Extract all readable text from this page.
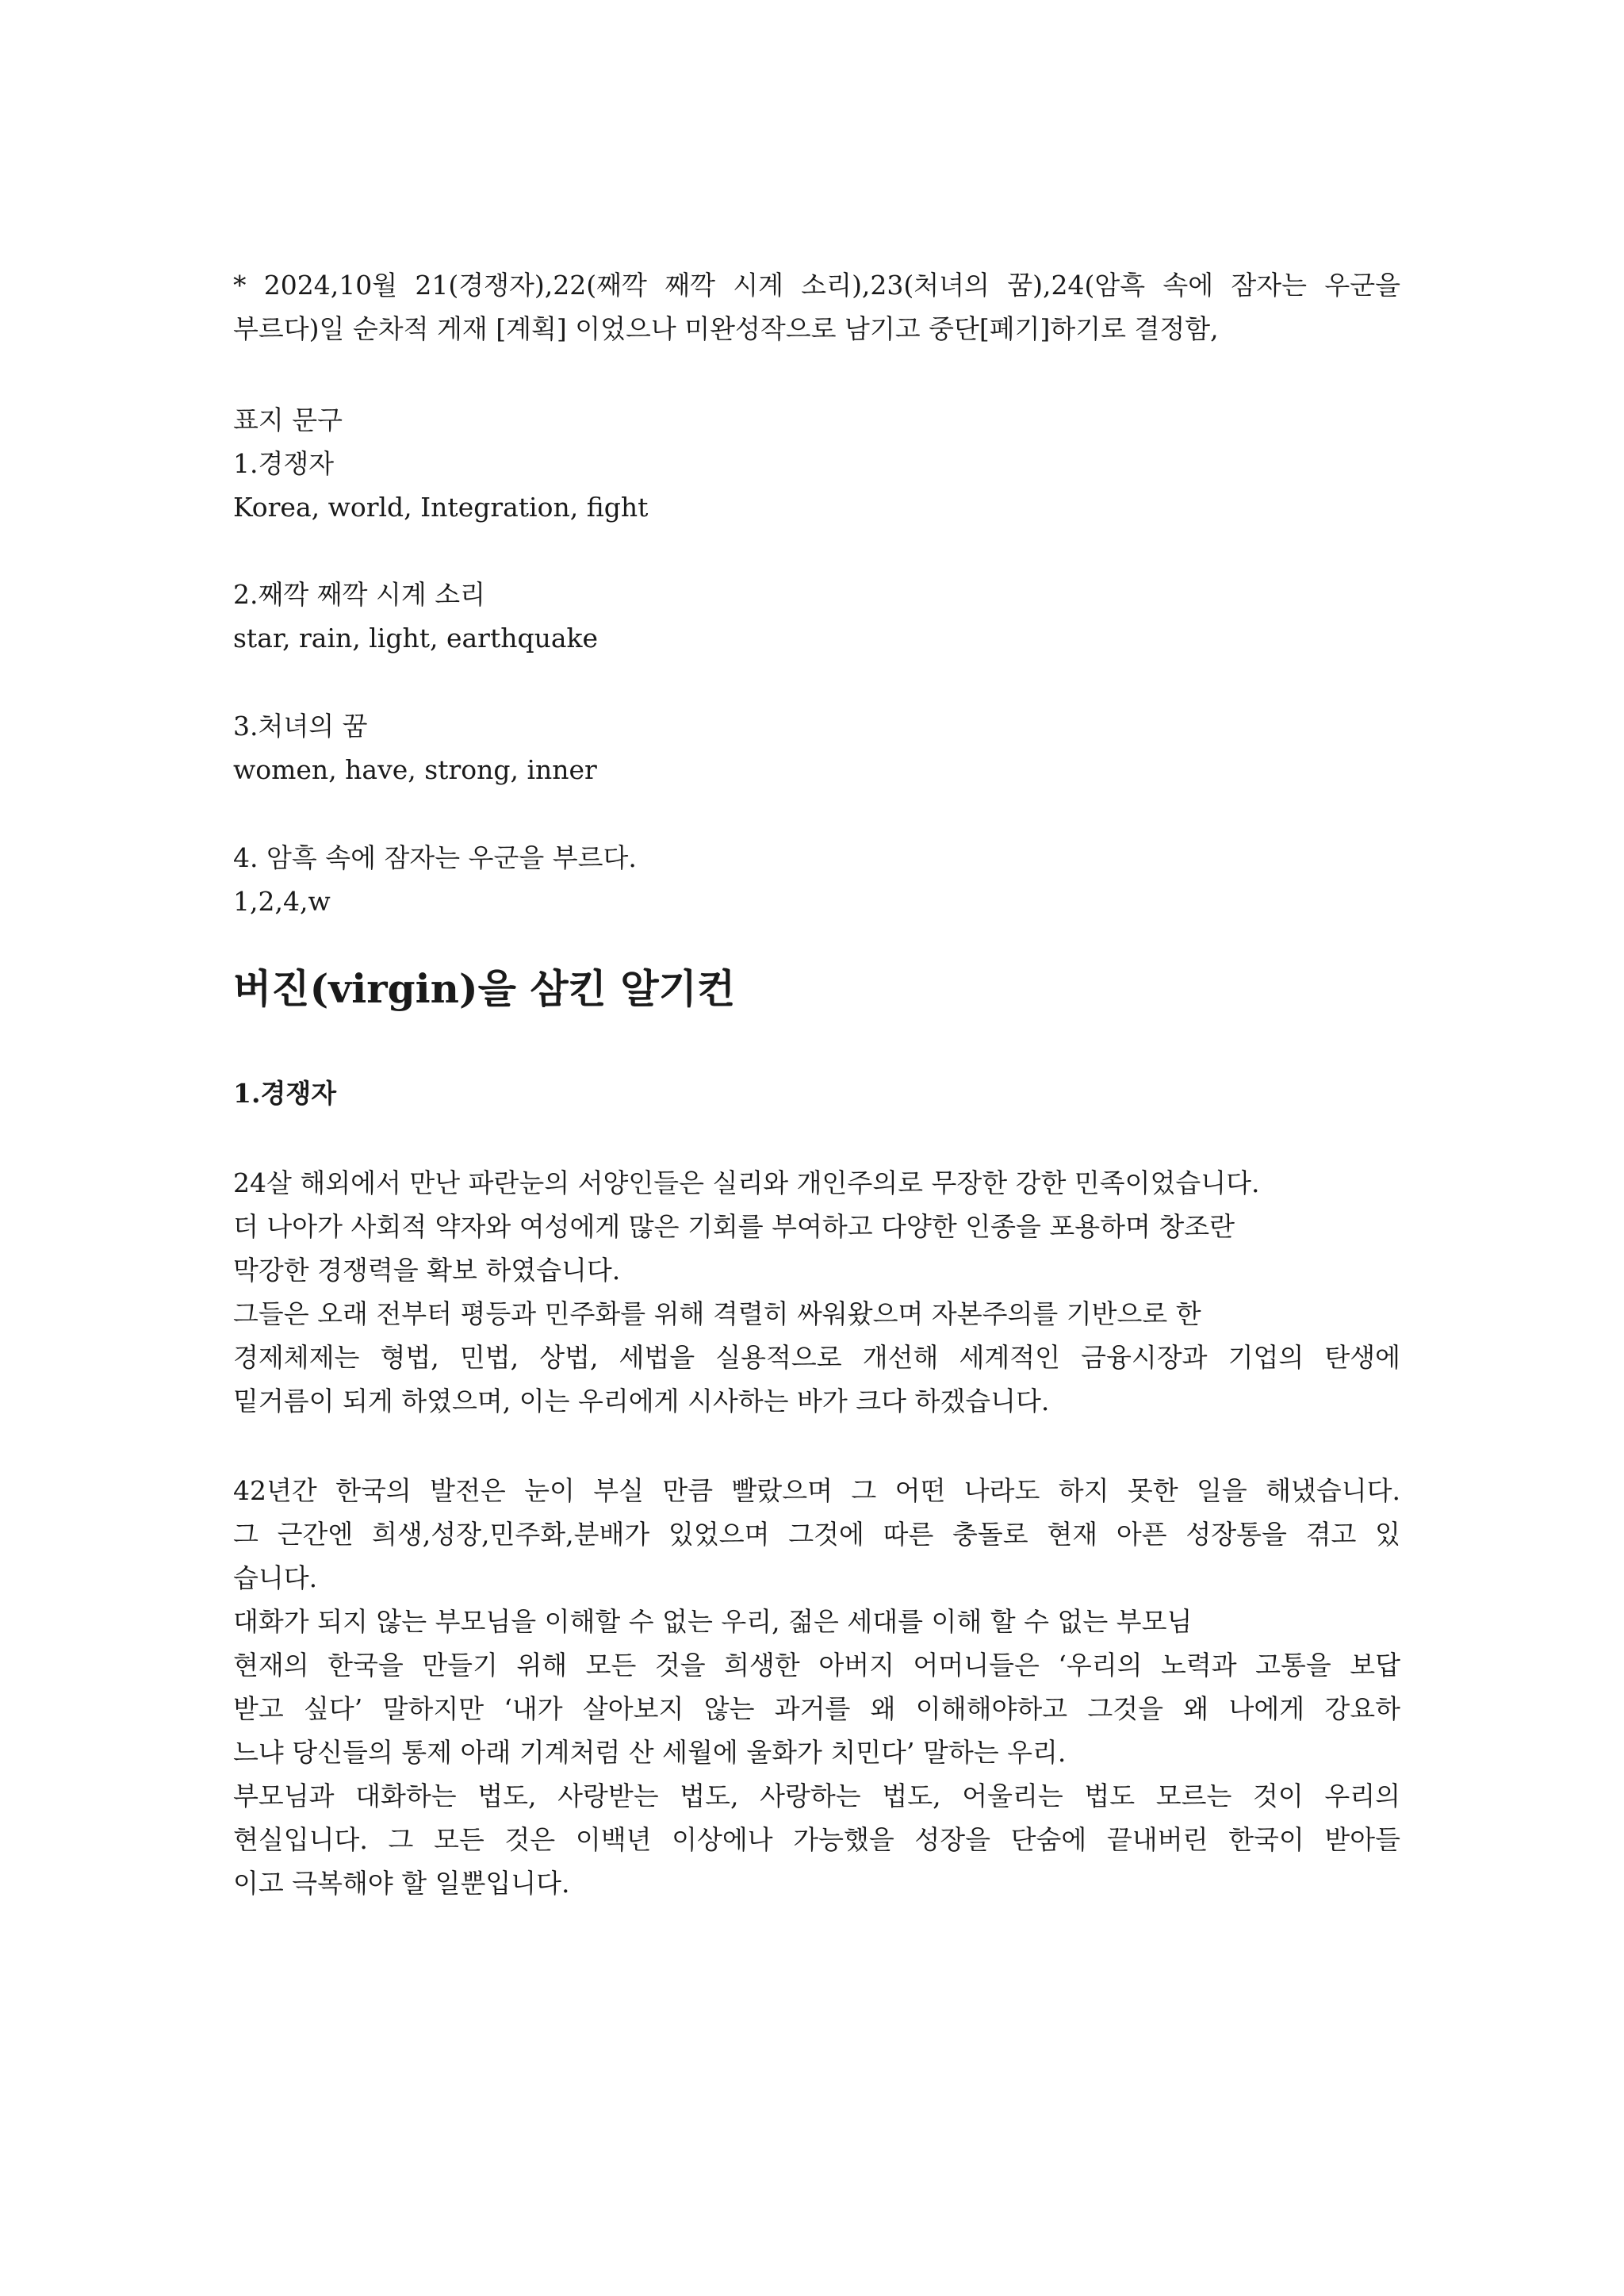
* 2024,10월 21(경쟁자),22(째깍 째깍 시계 소리),23(처녀의 꿈),24(암흑 속에 잠자는 우군을
부르다)일 순차적 게재 [계획] 이었으나 미완성작으로 남기고 중단[폐기]하기로 결정함,
표지 문구
1.경쟁자
Korea, world, Integration, fight
2.째깍 째깍 시계 소리
star, rain, light, earthquake
3.처녀의 꿈
women, have, strong, inner
4. 암흑 속에 잠자는 우군을 부르다.
1,2,4,w
버진(virgin)을 삼킨 알기컨
1.경쟁자
24살 해외에서 만난 파란눈의 서양인들은 실리와 개인주의로 무장한 강한 민족이었습니다.
더 나아가 사회적 약자와 여성에게 많은 기회를 부여하고 다양한 인종을 포용하며 창조란
막강한 경쟁력을 확보 하였습니다.
그들은 오래 전부터 평등과 민주화를 위해 격렬히 싸워왔으며 자본주의를 기반으로 한
경제체제는 형법, 민법, 상법, 세법을 실용적으로 개선해 세계적인 금융시장과 기업의 탄생에
밑거름이 되게 하였으며, 이는 우리에게 시사하는 바가 크다 하겠습니다.
42년간 한국의 발전은 눈이 부실 만큼 빨랐으며 그 어떤 나라도 하지 못한 일을 해냈습니다.
그 근간엔 희생,성장,민주화,분배가 있었으며 그것에 따른 충돌로 현재 아픈 성장통을 겪고 있
습니다.
대화가 되지 않는 부모님을 이해할 수 없는 우리, 젊은 세대를 이해 할 수 없는 부모님
현재의 한국을 만들기 위해 모든 것을 희생한 아버지 어머니들은 ‘우리의 노력과 고통을 보답
받고 싶다’ 말하지만 ‘내가 살아보지 않는 과거를 왜 이해해야하고 그것을 왜 나에게 강요하
느냐 당신들의 통제 아래 기계처럼 산 세월에 울화가 치민다’ 말하는 우리.
부모님과 대화하는 법도, 사랑받는 법도, 사랑하는 법도, 어울리는 법도 모르는 것이 우리의
현실입니다. 그 모든 것은 이백년 이상에나 가능했을 성장을 단숨에 끝내버린 한국이 받아들
이고 극복해야 할 일뿐입니다.
